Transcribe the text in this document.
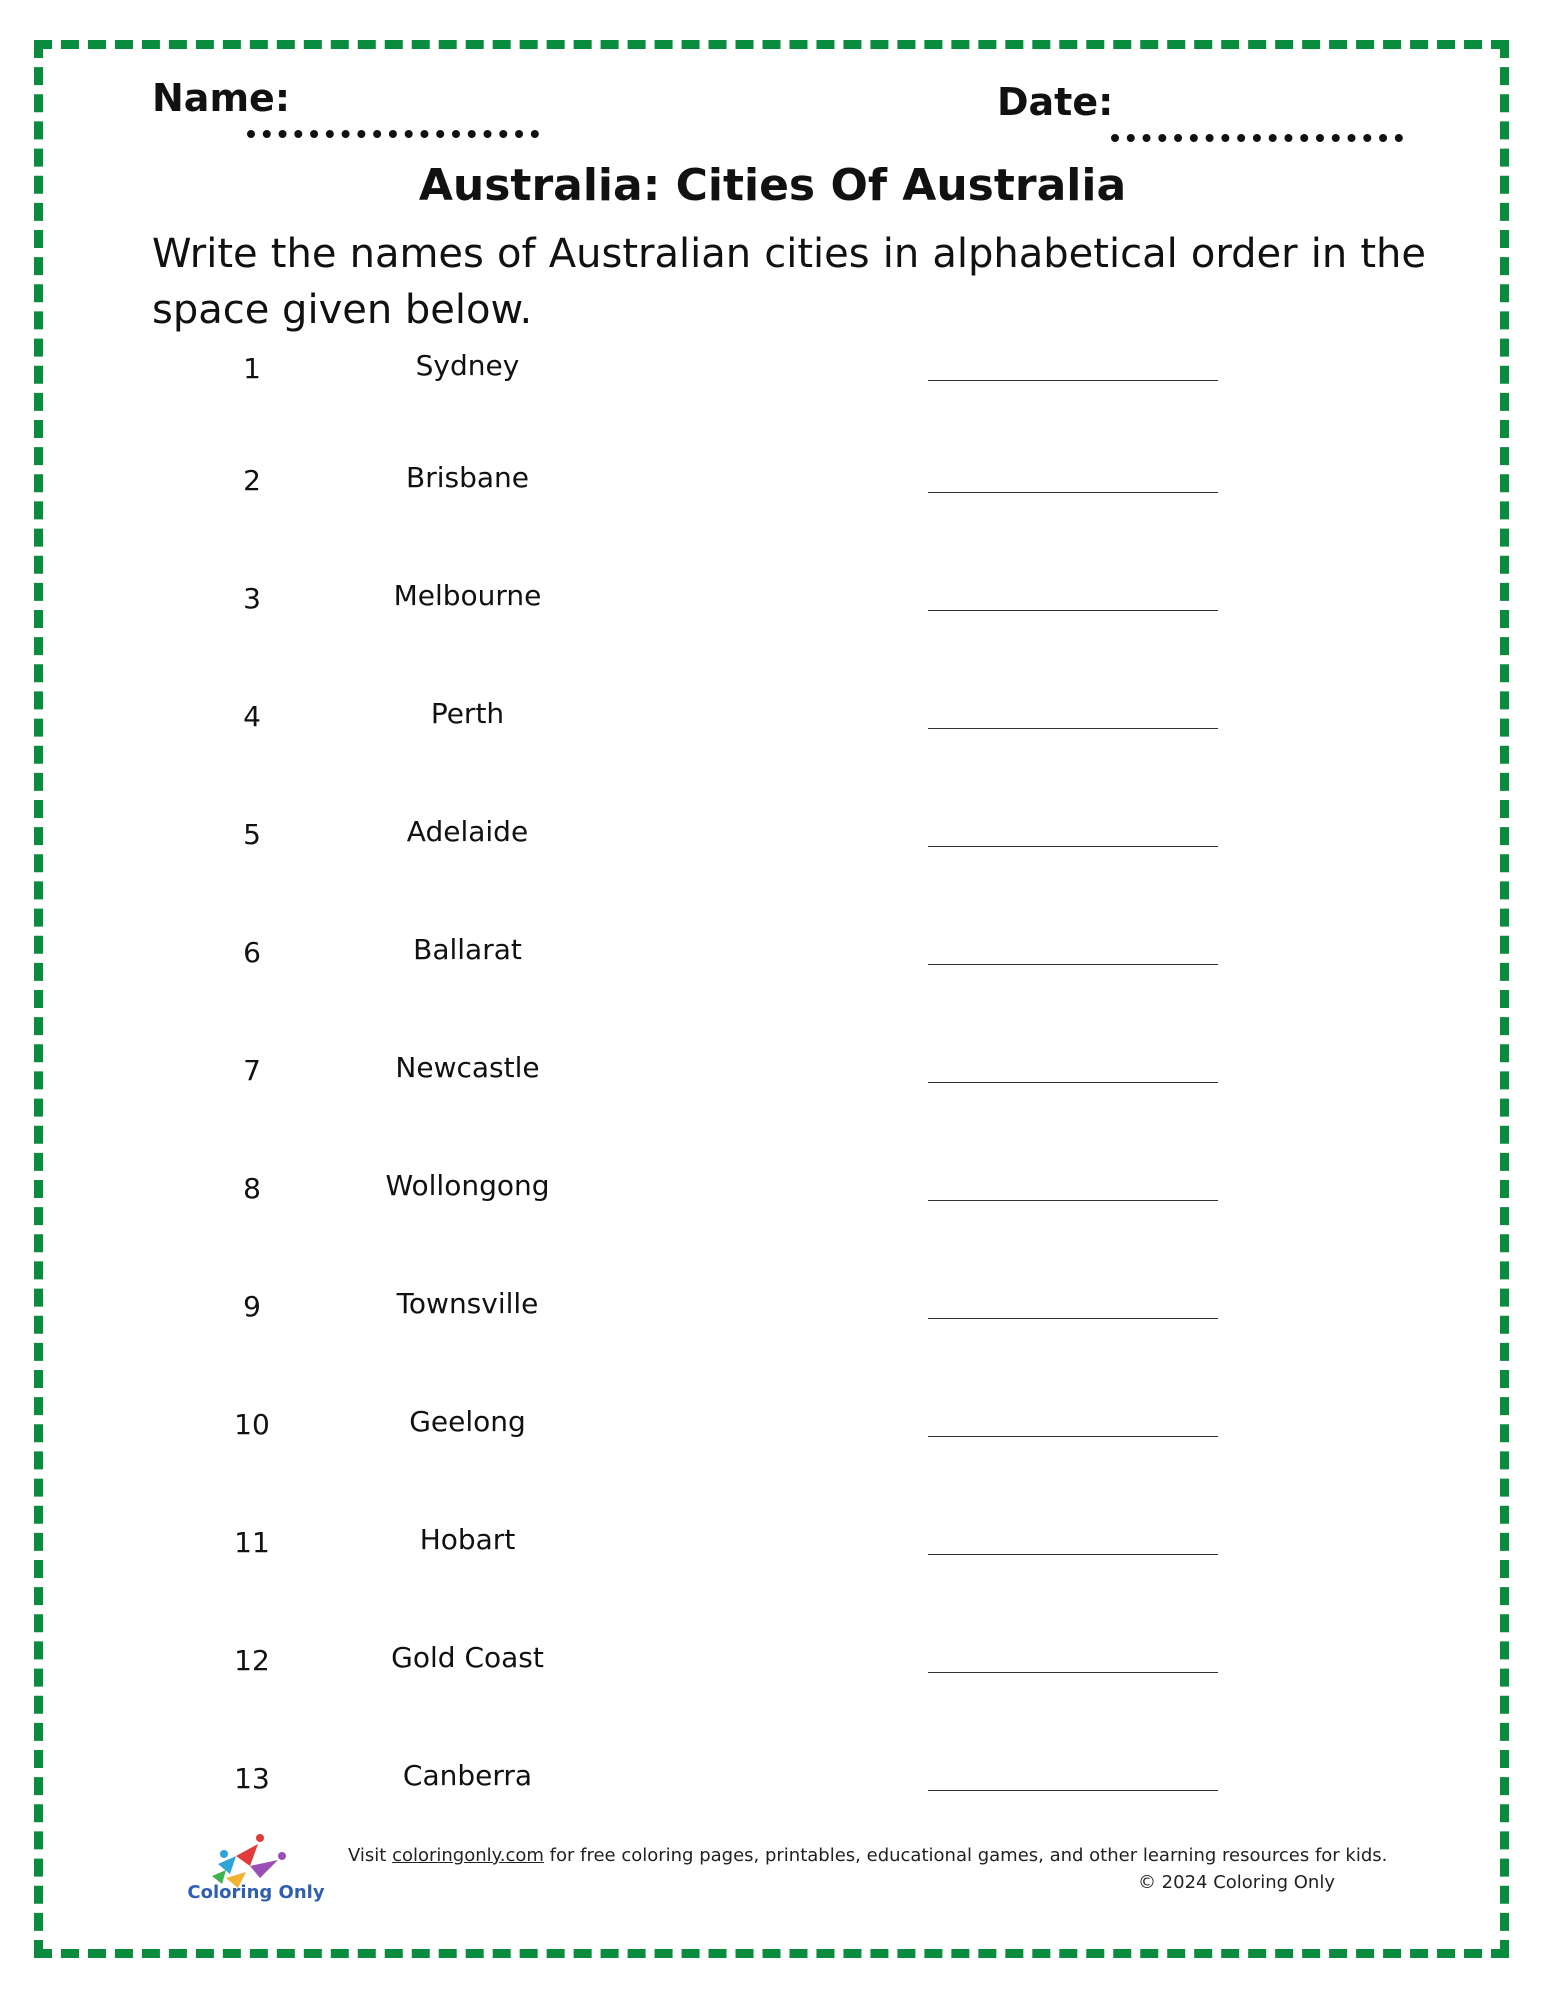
Name:	Date:
Australia: Cities Of Australia
Write the names of Australian cities in alphabetical order in the space given below.
1	Sydney
2	Brisbane
3	Melbourne
4	Perth
5	Adelaide
6	Ballarat
7	Newcastle
8	Wollongong
9	Townsville
10	Geelong
11	Hobart
12	Gold Coast
13	Canberra
Coloring Only
Visit coloringonly.com for free coloring pages, printables, educational games, and other learning resources for kids.
© 2024 Coloring Only
